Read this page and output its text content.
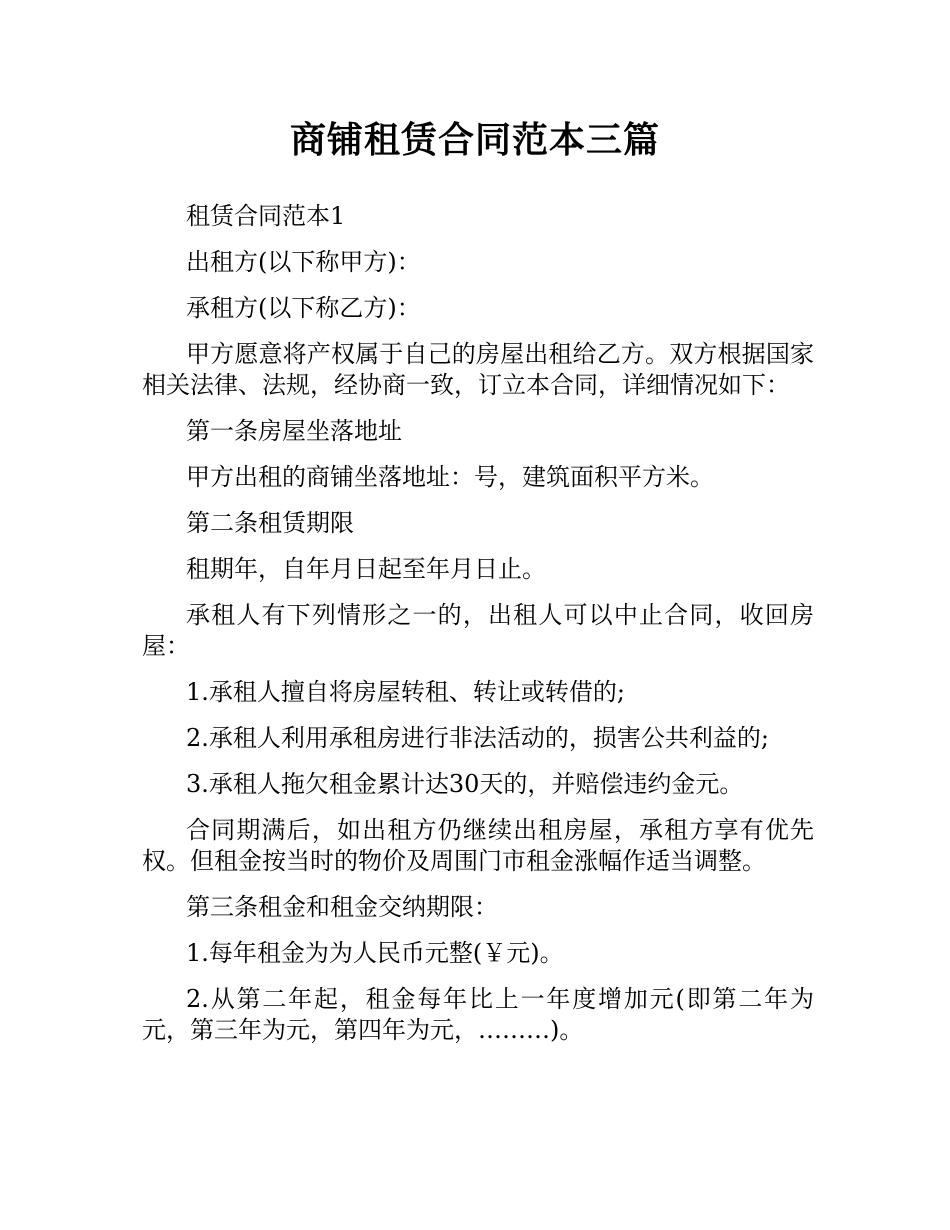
商铺租赁合同范本三篇

租赁合同范本1

出租方(以下称甲方)：

承租方(以下称乙方)：

甲方愿意将产权属于自己的房屋出租给乙方。双方根据国家相关法律、法规，经协商一致，订立本合同，详细情况如下：

第一条房屋坐落地址

甲方出租的商铺坐落地址：号，建筑面积平方米。

第二条租赁期限

租期年，自年月日起至年月日止。

承租人有下列情形之一的，出租人可以中止合同，收回房屋：

1.承租人擅自将房屋转租、转让或转借的;

2.承租人利用承租房进行非法活动的，损害公共利益的;

3.承租人拖欠租金累计达30天的，并赔偿违约金元。

合同期满后，如出租方仍继续出租房屋，承租方享有优先权。但租金按当时的物价及周围门市租金涨幅作适当调整。

第三条租金和租金交纳期限：

1.每年租金为为人民币元整(￥元)。

2.从第二年起，租金每年比上一年度增加元(即第二年为元，第三年为元，第四年为元，………)。
